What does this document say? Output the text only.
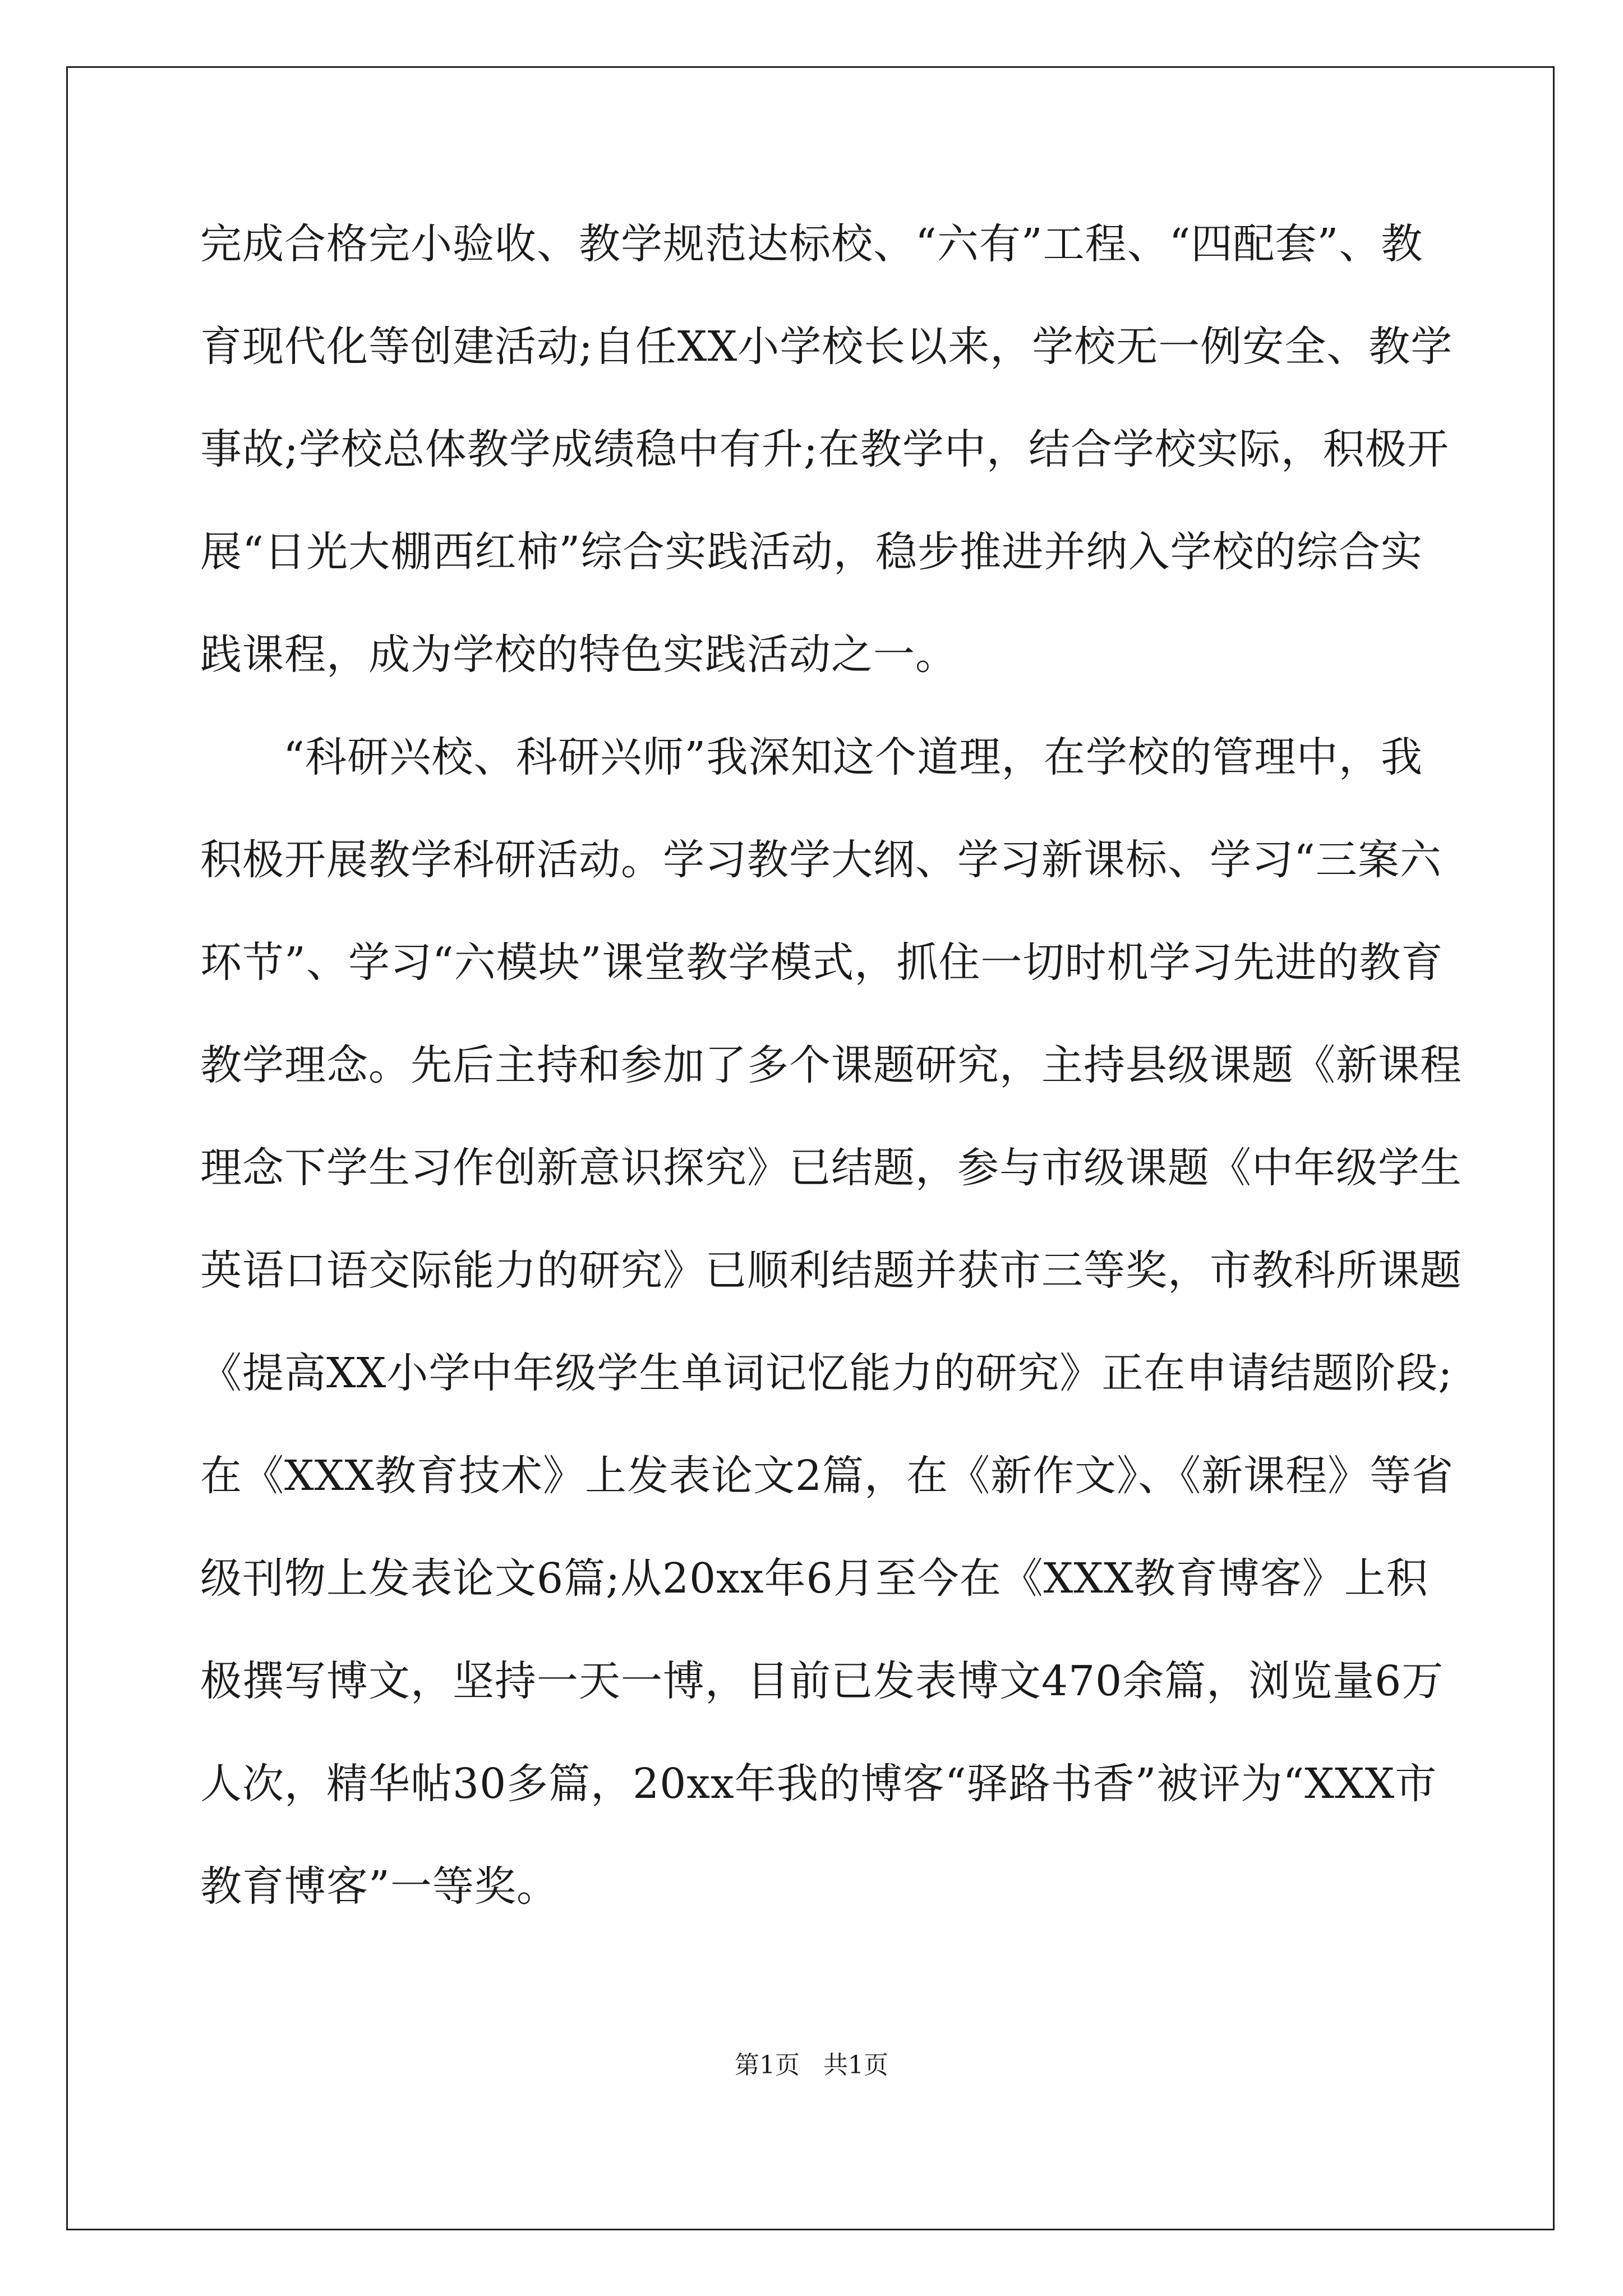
完成合格完小验收、教学规范达标校、“六有”工程、“四配套”、教
育现代化等创建活动;自任XX小学校长以来，学校无一例安全、教学
事故;学校总体教学成绩稳中有升;在教学中，结合学校实际，积极开
展“日光大棚西红柿”综合实践活动，稳步推进并纳入学校的综合实
践课程，成为学校的特色实践活动之一。
“科研兴校、科研兴师”我深知这个道理，在学校的管理中，我
积极开展教学科研活动。学习教学大纲、学习新课标、学习“三案六
环节”、学习“六模块”课堂教学模式，抓住一切时机学习先进的教育
教学理念。先后主持和参加了多个课题研究，主持县级课题《新课程
理念下学生习作创新意识探究》已结题，参与市级课题《中年级学生
英语口语交际能力的研究》已顺利结题并获市三等奖，市教科所课题
《提高XX小学中年级学生单词记忆能力的研究》正在申请结题阶段;
在《XXX教育技术》上发表论文2篇，在《新作文》、《新课程》等省
级刊物上发表论文6篇;从20xx年6月至今在《XXX教育博客》上积
极撰写博文，坚持一天一博，目前已发表博文470余篇，浏览量6万
人次，精华帖30多篇，20xx年我的博客“驿路书香”被评为“XXX市
教育博客”一等奖。
第1页   共1页
